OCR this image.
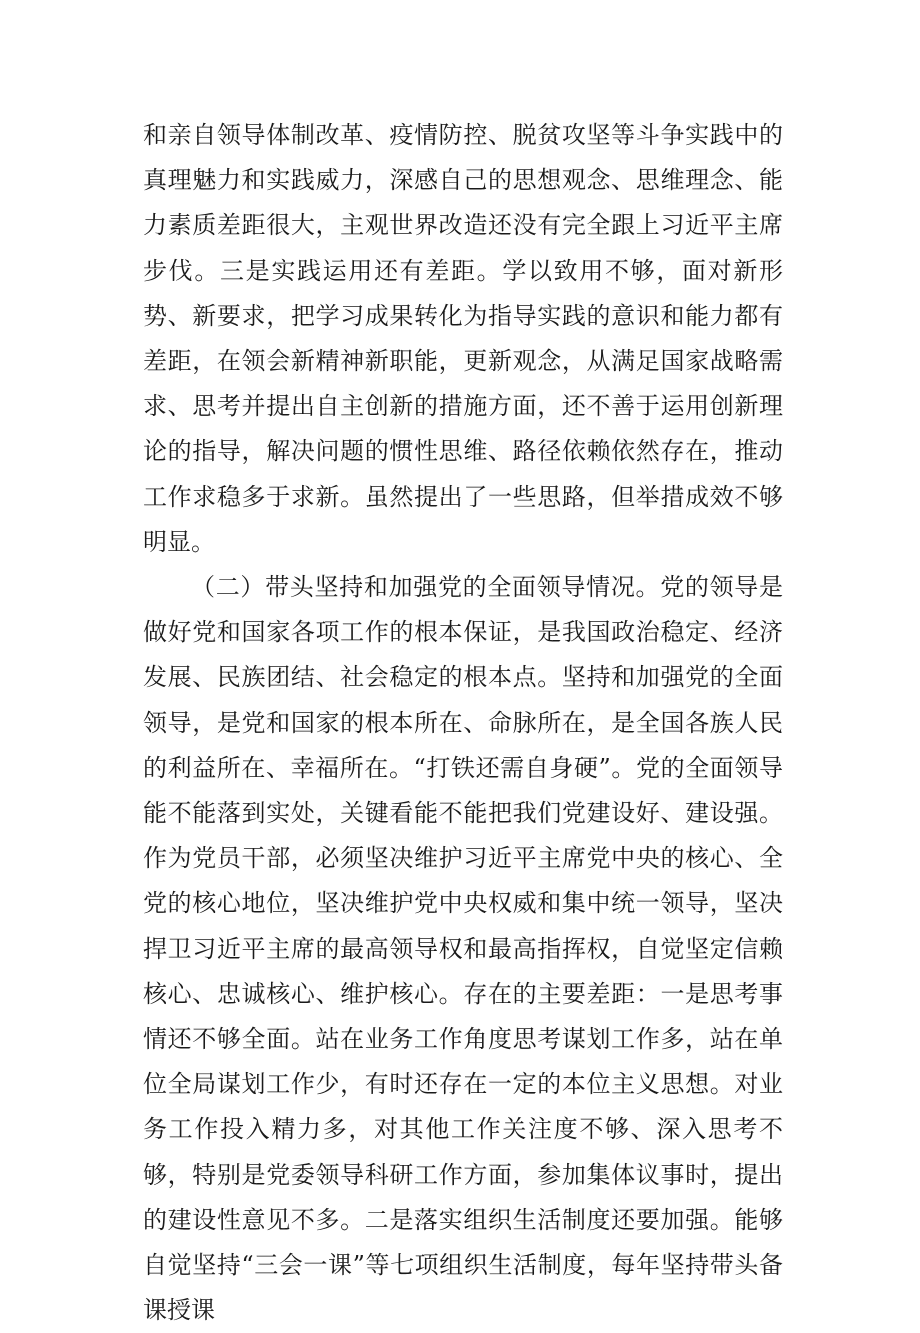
和亲自领导体制改革、疫情防控、脱贫攻坚等斗争实践中的真理魅力和实践威力，深感自己的思想观念、思维理念、能力素质差距很大，主观世界改造还没有完全跟上习近平主席步伐。三是实践运用还有差距。学以致用不够，面对新形势、新要求，把学习成果转化为指导实践的意识和能力都有差距，在领会新精神新职能，更新观念，从满足国家战略需求、思考并提出自主创新的措施方面，还不善于运用创新理论的指导，解决问题的惯性思维、路径依赖依然存在，推动工作求稳多于求新。虽然提出了一些思路，但举措成效不够明显。

（二）带头坚持和加强党的全面领导情况。党的领导是做好党和国家各项工作的根本保证，是我国政治稳定、经济发展、民族团结、社会稳定的根本点。坚持和加强党的全面领导，是党和国家的根本所在、命脉所在，是全国各族人民的利益所在、幸福所在。“打铁还需自身硬”。党的全面领导能不能落到实处，关键看能不能把我们党建设好、建设强。作为党员干部，必须坚决维护习近平主席党中央的核心、全党的核心地位，坚决维护党中央权威和集中统一领导，坚决捍卫习近平主席的最高领导权和最高指挥权，自觉坚定信赖核心、忠诚核心、维护核心。存在的主要差距：一是思考事情还不够全面。站在业务工作角度思考谋划工作多，站在单位全局谋划工作少，有时还存在一定的本位主义思想。对业务工作投入精力多，对其他工作关注度不够、深入思考不够，特别是党委领导科研工作方面，参加集体议事时，提出的建设性意见不多。二是落实组织生活制度还要加强。能够自觉坚持“三会一课”等七项组织生活制度，每年坚持带头备课授课
